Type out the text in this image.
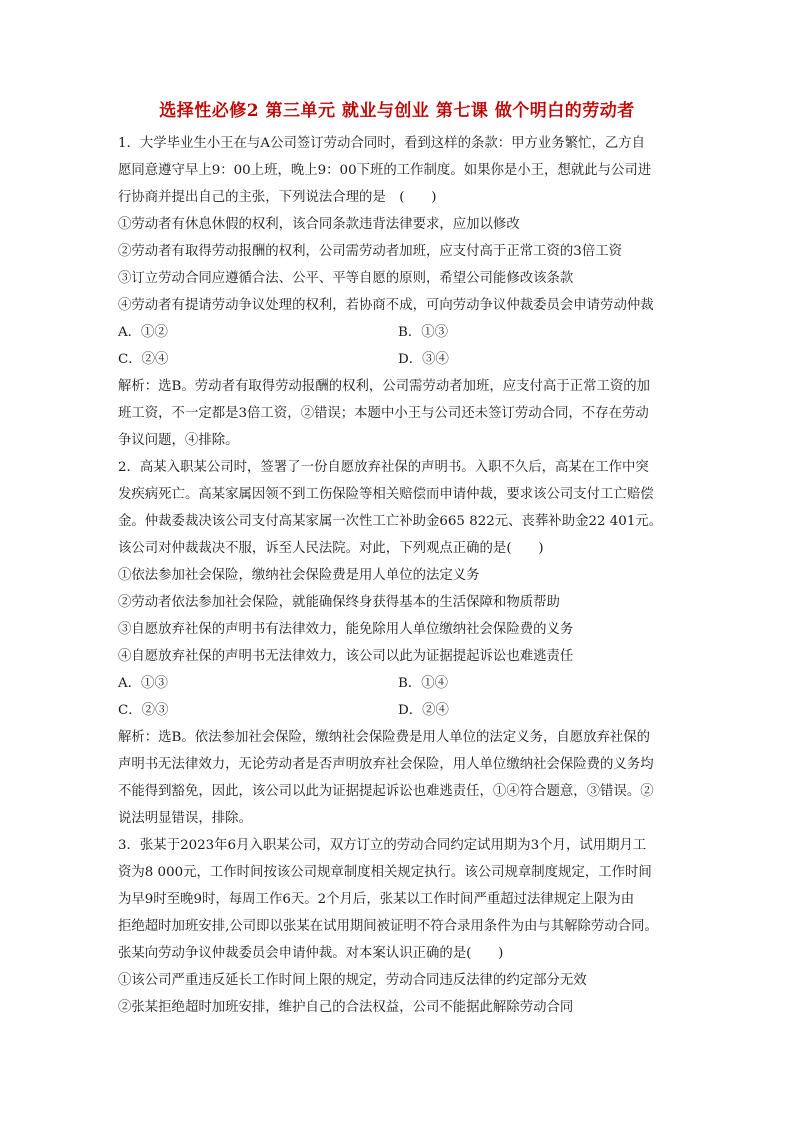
选择性必修2 第三单元 就业与创业 第七课 做个明白的劳动者
1．大学毕业生小王在与A公司签订劳动合同时，看到这样的条款：甲方业务繁忙，乙方自
愿同意遵守早上9：00上班，晚上9：00下班的工作制度。如果你是小王，想就此与公司进
行协商并提出自己的主张，下列说法合理的是　(　　)
①劳动者有休息休假的权利，该合同条款违背法律要求，应加以修改
②劳动者有取得劳动报酬的权利，公司需劳动者加班，应支付高于正常工资的3倍工资
③订立劳动合同应遵循合法、公平、平等自愿的原则，希望公司能修改该条款
④劳动者有提请劳动争议处理的权利，若协商不成，可向劳动争议仲裁委员会申请劳动仲裁
A．①②	B．①③
C．②④	D．③④
解析：选B。劳动者有取得劳动报酬的权利，公司需劳动者加班，应支付高于正常工资的加
班工资，不一定都是3倍工资，②错误；本题中小王与公司还未签订劳动合同，不存在劳动
争议问题，④排除。
2．高某入职某公司时，签署了一份自愿放弃社保的声明书。入职不久后，高某在工作中突
发疾病死亡。高某家属因领不到工伤保险等相关赔偿而申请仲裁，要求该公司支付工亡赔偿
金。仲裁委裁决该公司支付高某家属一次性工亡补助金665 822元、丧葬补助金22 401元。
该公司对仲裁裁决不服，诉至人民法院。对此，下列观点正确的是(　　)
①依法参加社会保险，缴纳社会保险费是用人单位的法定义务
②劳动者依法参加社会保险，就能确保终身获得基本的生活保障和物质帮助
③自愿放弃社保的声明书有法律效力，能免除用人单位缴纳社会保险费的义务
④自愿放弃社保的声明书无法律效力，该公司以此为证据提起诉讼也难逃责任
A．①③	B．①④
C．②③	D．②④
解析：选B。依法参加社会保险，缴纳社会保险费是用人单位的法定义务，自愿放弃社保的
声明书无法律效力，无论劳动者是否声明放弃社会保险，用人单位缴纳社会保险费的义务均
不能得到豁免，因此，该公司以此为证据提起诉讼也难逃责任，①④符合题意，③错误。②
说法明显错误，排除。
3．张某于2023年6月入职某公司，双方订立的劳动合同约定试用期为3个月，试用期月工
资为8 000元，工作时间按该公司规章制度相关规定执行。该公司规章制度规定，工作时间
为早9时至晚9时，每周工作6天。2个月后，张某以工作时间严重超过法律规定上限为由
拒绝超时加班安排,公司即以张某在试用期间被证明不符合录用条件为由与其解除劳动合同。
张某向劳动争议仲裁委员会申请仲裁。对本案认识正确的是(　　)
①该公司严重违反延长工作时间上限的规定，劳动合同违反法律的约定部分无效
②张某拒绝超时加班安排，维护自己的合法权益，公司不能据此解除劳动合同
